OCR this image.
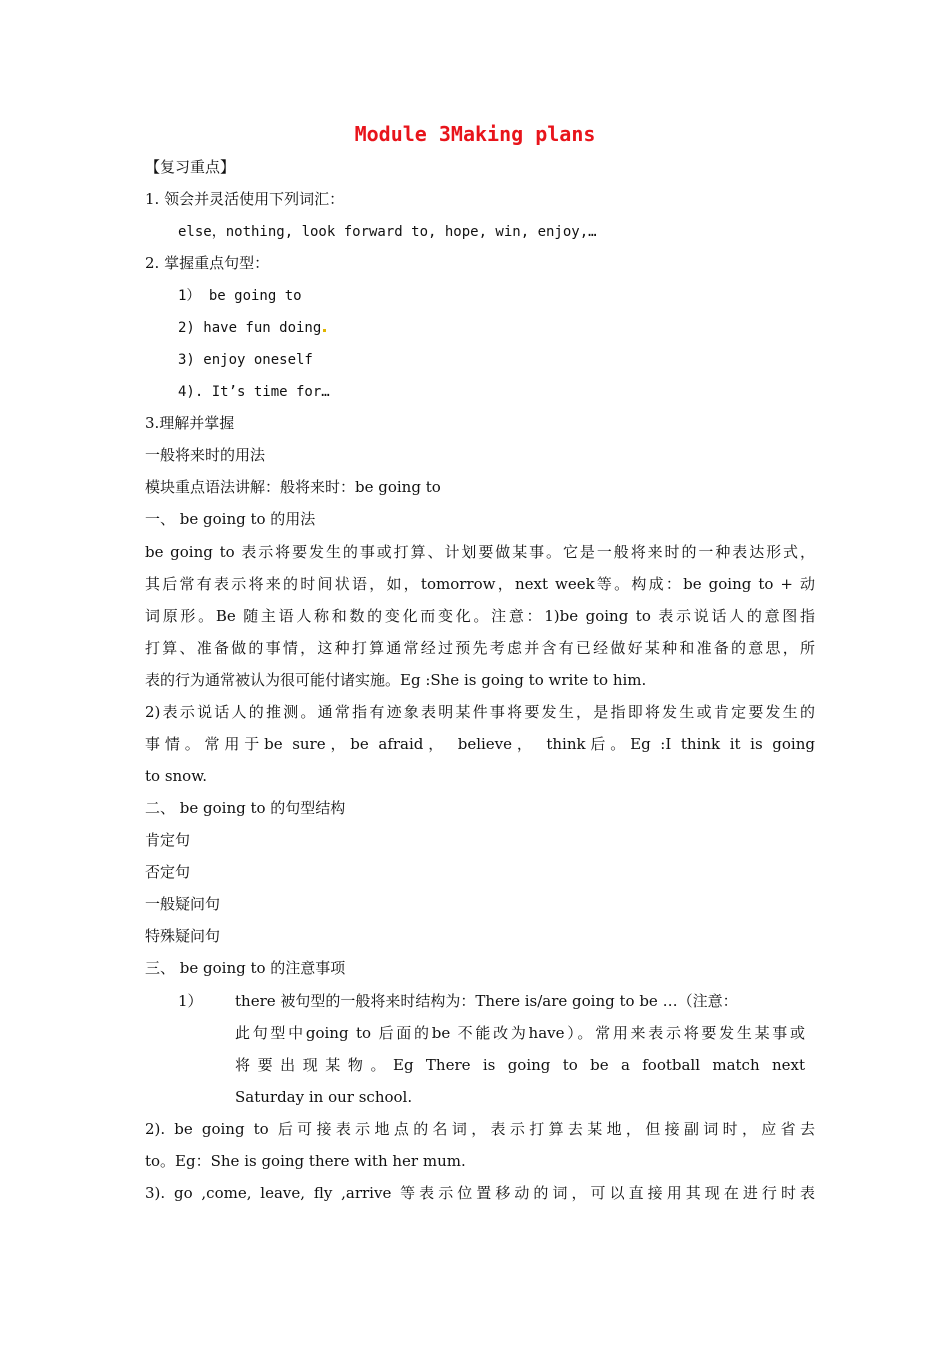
Module 3Making plans
【复习重点】
1. 领会并灵活使用下列词汇：
else，nothing, look forward to, hope, win, enjoy,…
2. 掌握重点句型：
1） be going to
2) have fun doing
3) enjoy oneself
4). It’s time for…
3.理解并掌握
一般将来时的用法
模块重点语法讲解：般将来时：be going to
一、 be going to 的用法
be going to 表示将要发生的事或打算、计划要做某事。它是一般将来时的一种表达形式，
其后常有表示将来的时间状语，如，tomorrow，next week等。构成：be going to + 动
词原形。Be 随主语人称和数的变化而变化。注意：1)be going to 表示说话人的意图指
打算、准备做的事情，这种打算通常经过预先考虑并含有已经做好某种和准备的意思，所
表的行为通常被认为很可能付诸实施。Eg :She is going to write to him.
2)表示说话人的推测。通常指有迹象表明某件事将要发生，是指即将发生或肯定要发生的
事情。常用于be sure，be afraid， believe， think后。Eg :I think it is going
to snow.
二、 be going to 的句型结构
肯定句
否定句
一般疑问句
特殊疑问句
三、 be going to 的注意事项
1）	there 被句型的一般将来时结构为：There is/are going to be …（注意：
此句型中going to 后面的be 不能改为have）。常用来表示将要发生某事或
将要出现某物。Eg There is going to be a football match next
Saturday in our school.
2). be going to 后可接表示地点的名词，表示打算去某地，但接副词时，应省去
to。Eg：She is going there with her mum.
3). go ,come, leave, fly ,arrive 等表示位置移动的词，可以直接用其现在进行时表
